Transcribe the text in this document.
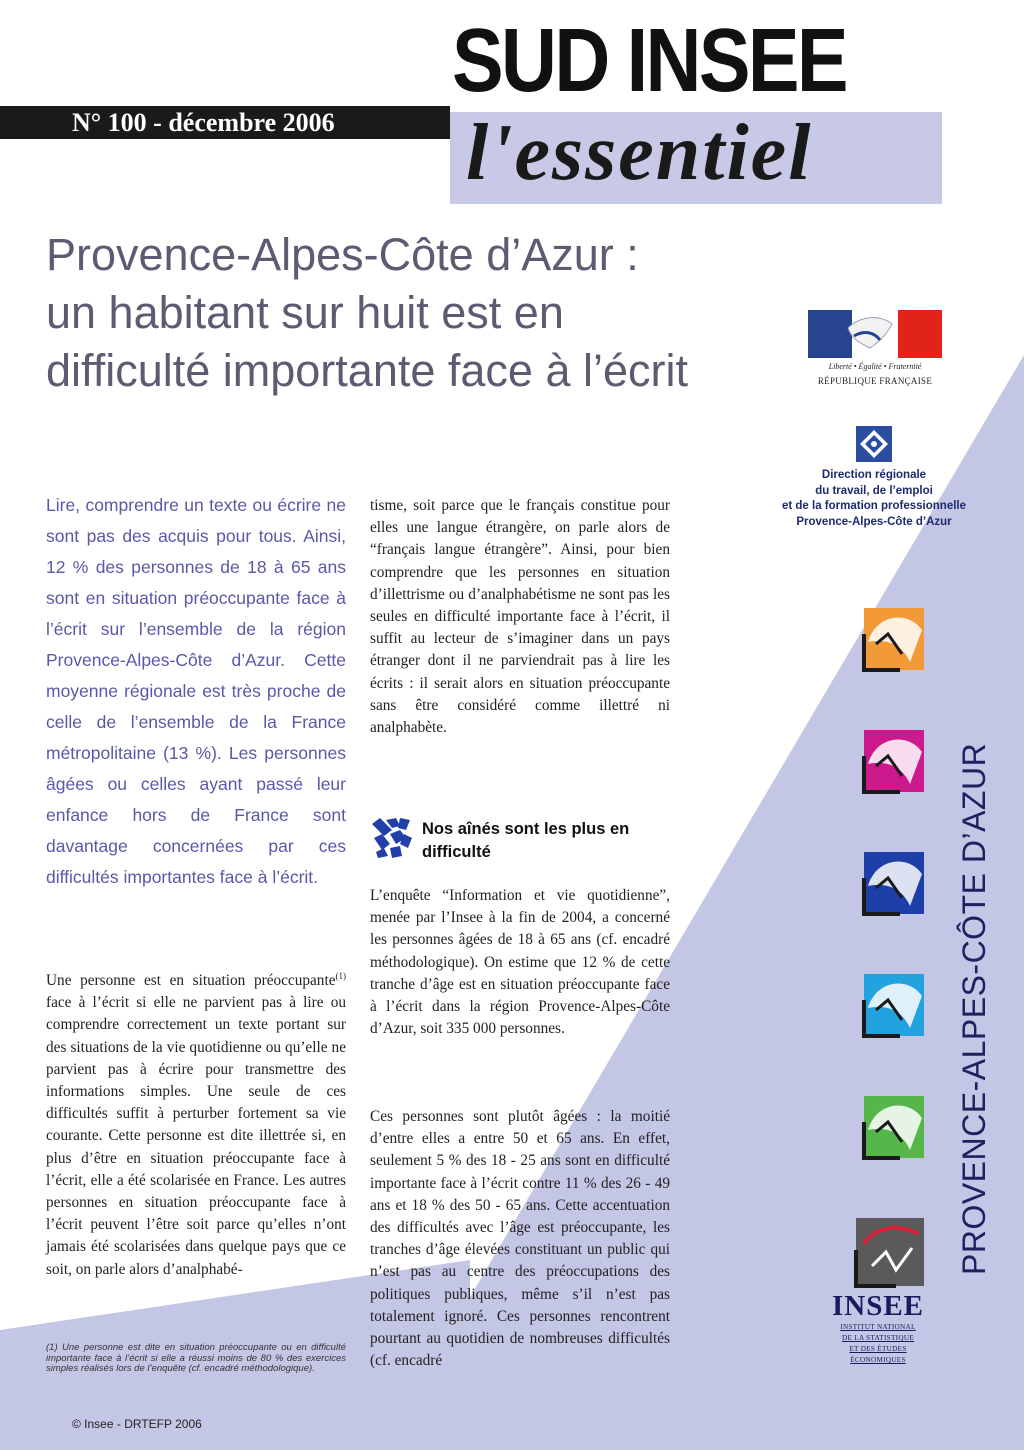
N° 100 - décembre 2006
SUD INSEE
l'essentiel
Provence-Alpes-Côte d’Azur :
un habitant sur huit est en
difficulté importante face à l’écrit
Lire, comprendre un texte ou écrire ne sont pas des acquis pour tous. Ainsi, 12 % des personnes de 18 à 65 ans sont en situation préoccupante face à l’écrit sur l’ensemble de la région Provence-Alpes-Côte d’Azur. Cette moyenne régionale est très proche de celle de l’ensemble de la France métropolitaine (13 %). Les personnes âgées ou celles ayant passé leur enfance hors de France sont davantage concernées par ces difficultés importantes face à l’écrit.
Une personne est en situation préoccupante$^{(1)}$ face à l’écrit si elle ne parvient pas à lire ou comprendre correctement un texte portant sur des situations de la vie quotidienne ou qu’elle ne parvient pas à écrire pour transmettre des informations simples. Une seule de ces difficultés suffit à perturber fortement sa vie courante. Cette personne est dite illettrée si, en plus d’être en situation préoccupante face à l’écrit, elle a été scolarisée en France. Les autres personnes en situation préoccupante face à l’écrit peuvent l’être soit parce qu’elles n’ont jamais été scolarisées dans quelque pays que ce soit, on parle alors d’analphabé-
(1) Une personne est dite en situation préoccupante ou en difficulté importante face à l’écrit si elle a réussi moins de 80 % des exercices simples réalisés lors de l’enquête (cf. encadré méthodologique).
© Insee - DRTEFP 2006
tisme, soit parce que le français constitue pour elles une langue étrangère, on parle alors de “français langue étrangère”. Ainsi, pour bien comprendre que les personnes en situation d’illettrisme ou d’analphabétisme ne sont pas les seules en difficulté importante face à l’écrit, il suffit au lecteur de s’imaginer dans un pays étranger dont il ne parviendrait pas à lire les écrits : il serait alors en situation préoccupante sans être considéré comme illettré ni analphabète.
Nos aînés sont les plus en difficulté
L’enquête “Information et vie quotidienne”, menée par l’Insee à la fin de 2004, a concerné les personnes âgées de 18 à 65 ans (cf. encadré méthodologique). On estime que 12 % de cette tranche d’âge est en situation préoccupante face à l’écrit dans la région Provence-Alpes-Côte d’Azur, soit 335 000 personnes.
Ces personnes sont plutôt âgées : la moitié d’entre elles a entre 50 et 65 ans. En effet, seulement 5 % des 18 - 25 ans sont en difficulté importante face à l’écrit contre 11 % des 26 - 49 ans et 18 % des 50 - 65 ans. Cette accentuation des difficultés avec l’âge est préoccupante, les tranches d’âge élevées constituant un public qui n’est pas au centre des préoccupations des politiques publiques, même s’il n’est pas totalement ignoré. Ces personnes rencontrent pourtant au quotidien de nombreuses difficultés (cf. encadré
Liberté • Égalité • Fraternité
RÉPUBLIQUE FRANÇAISE
Direction régionale
du travail, de l’emploi
et de la formation professionnelle
Provence-Alpes-Côte d’Azur
PROVENCE-ALPES-CÔTE D’AZUR
INSEE
INSTITUT NATIONAL
DE LA STATISTIQUE
ET DES ÉTUDES
ÉCONOMIQUES
